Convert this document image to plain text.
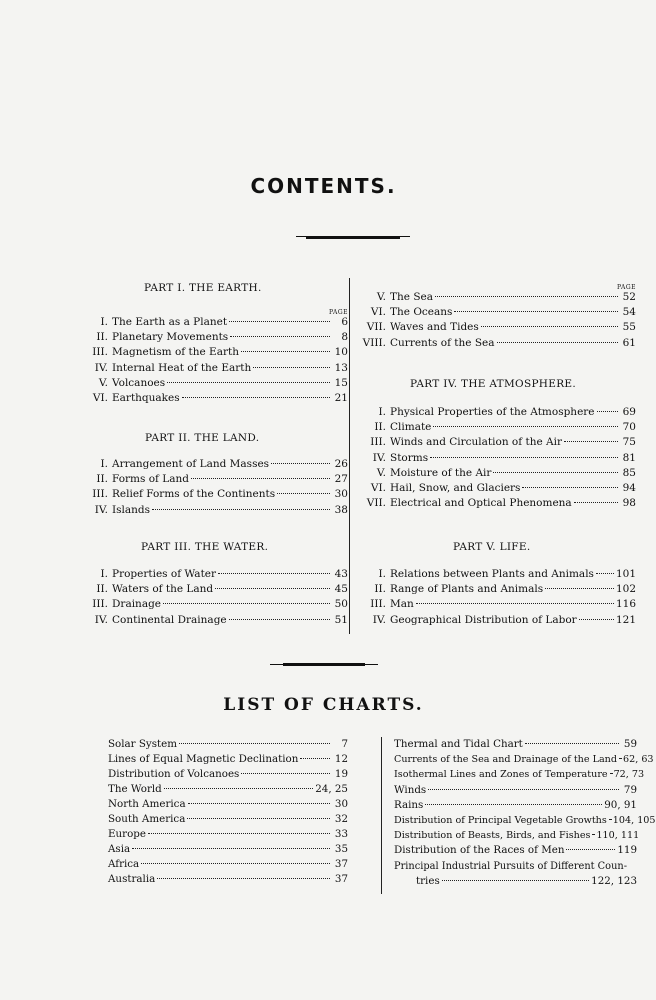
CONTENTS.
PART I. THE EARTH.
PAGE
I. The Earth as a Planet	6
II. Planetary Movements	8
III. Magnetism of the Earth	10
IV. Internal Heat of the Earth	13
V. Volcanoes	15
VI. Earthquakes	21
PART II. THE LAND.
I. Arrangement of Land Masses	26
II. Forms of Land	27
III. Relief Forms of the Continents	30
IV. Islands	38
PART III. THE WATER.
I. Properties of Water	43
II. Waters of the Land	45
III. Drainage	50
IV. Continental Drainage	51
PAGE
V. The Sea	52
VI. The Oceans	54
VII. Waves and Tides	55
VIII. Currents of the Sea	61
PART IV. THE ATMOSPHERE.
I. Physical Properties of the Atmosphere	69
II. Climate	70
III. Winds and Circulation of the Air	75
IV. Storms	81
V. Moisture of the Air	85
VI. Hail, Snow, and Glaciers	94
VII. Electrical and Optical Phenomena	98
PART V. LIFE.
I. Relations between Plants and Animals 101
II. Range of Plants and Animals	102
III. Man	116
IV. Geographical Distribution of Labor	121
LIST OF CHARTS.
Solar System	7
Lines of Equal Magnetic Declination	12
Distribution of Volcanoes	19
The World	24, 25
North America	30
South America	32
Europe	33
Asia	35
Africa	37
Australia	37
Thermal and Tidal Chart	59
Currents of the Sea and Drainage of the Land 62, 63
Isothermal Lines and Zones of Temperature 72, 73
Winds	79
Rains	90, 91
Distribution of Principal Vegetable Growths 104, 105
Distribution of Beasts, Birds, and Fishes 110, 111
Distribution of the Races of Men	119
Principal Industrial Pursuits of Different Coun-
tries	122, 123
